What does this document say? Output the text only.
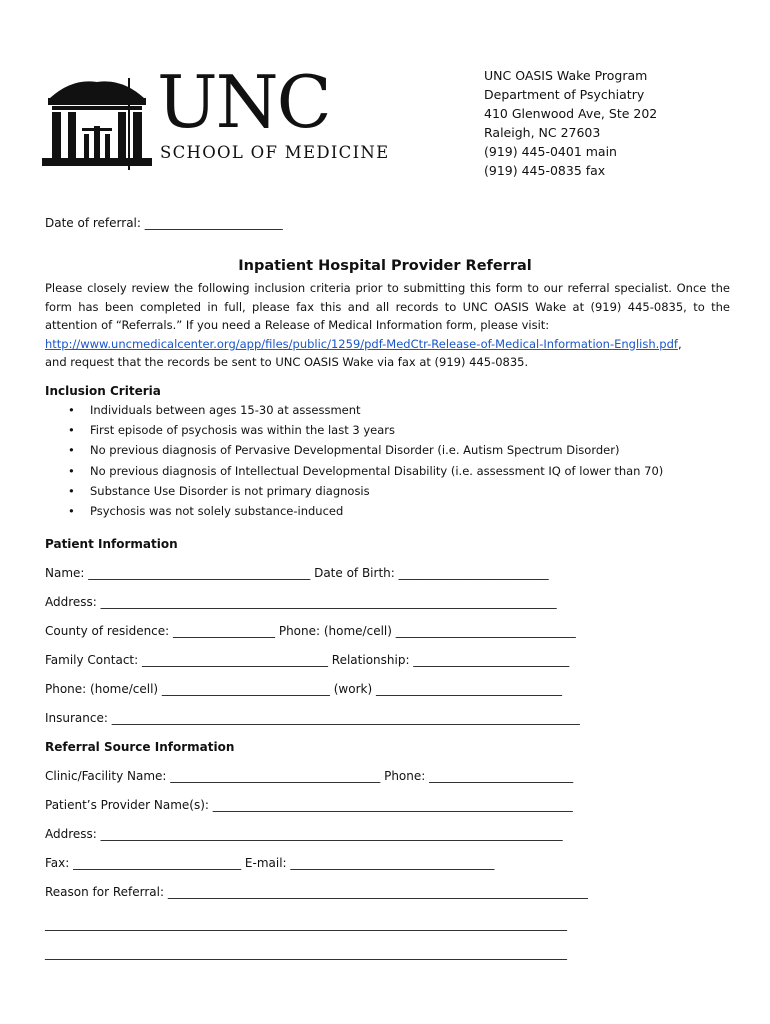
UNC
SCHOOL OF MEDICINE
UNC OASIS Wake Program
Department of Psychiatry
410 Glenwood Ave, Ste 202
Raleigh, NC 27603
(919) 445-0401 main
(919) 445-0835 fax
Date of referral: _______________________
Inpatient Hospital Provider Referral

Please closely review the following inclusion criteria prior to submitting this form to our referral specialist. Once the form has been completed in full, please fax this and all records to UNC OASIS Wake at (919) 445-0835, to the attention of “Referrals.” If you need a Release of Medical Information form, please visit:

http://www.uncmedicalcenter.org/app/files/public/1259/pdf-MedCtr-Release-of-Medical-Information-English.pdf,

and request that the records be sent to UNC OASIS Wake via fax at (919) 445-0835.

Inclusion Criteria
• Individuals between ages 15-30 at assessment
• First episode of psychosis was within the last 3 years
• No previous diagnosis of Pervasive Developmental Disorder (i.e. Autism Spectrum Disorder)
• No previous diagnosis of Intellectual Developmental Disability (i.e. assessment IQ of lower than 70)
• Substance Use Disorder is not primary diagnosis
• Psychosis was not solely substance-induced
Patient Information
Name: _____________________________________ Date of Birth: _________________________
Address: ____________________________________________________________________________
County of residence: _________________ Phone: (home/cell) ______________________________
Family Contact: _______________________________ Relationship: __________________________
Phone: (home/cell) ____________________________ (work) _______________________________
Insurance: ______________________________________________________________________________
Referral Source Information
Clinic/Facility Name: ___________________________________ Phone: ________________________
Patient’s Provider Name(s): ____________________________________________________________
Address: _____________________________________________________________________________
Fax: ____________________________ E-mail: __________________________________
Reason for Referral: ______________________________________________________________________
_______________________________________________________________________________________
_______________________________________________________________________________________
